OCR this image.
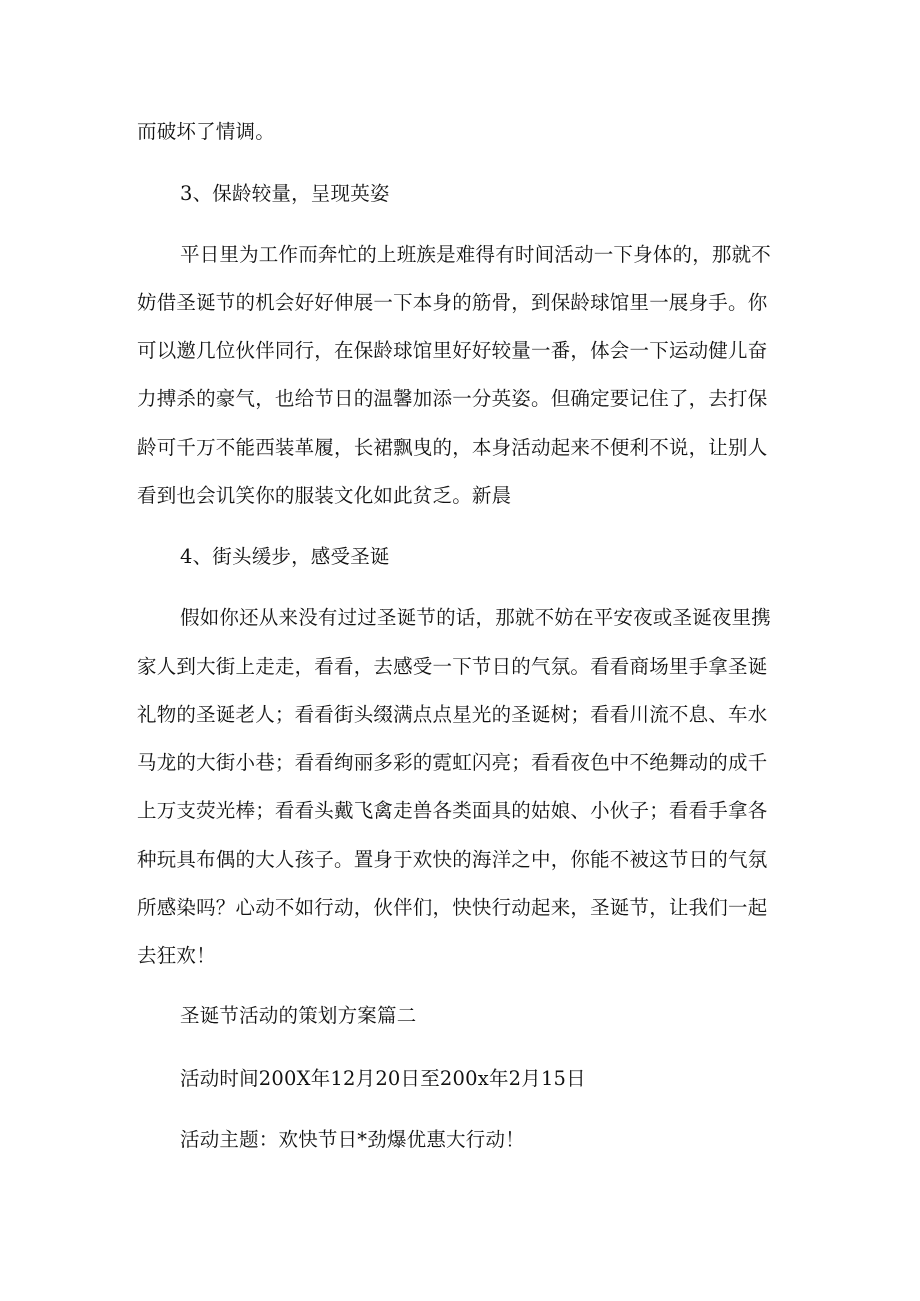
而破坏了情调。
3、保龄较量，呈现英姿
平日里为工作而奔忙的上班族是难得有时间活动一下身体的，那就不
妨借圣诞节的机会好好伸展一下本身的筋骨，到保龄球馆里一展身手。你
可以邀几位伙伴同行，在保龄球馆里好好较量一番，体会一下运动健儿奋
力搏杀的豪气，也给节日的温馨加添一分英姿。但确定要记住了，去打保
龄可千万不能西装革履，长裙飘曳的，本身活动起来不便利不说，让别人
看到也会讥笑你的服装文化如此贫乏。新晨
4、街头缓步，感受圣诞
假如你还从来没有过过圣诞节的话，那就不妨在平安夜或圣诞夜里携
家人到大街上走走，看看，去感受一下节日的气氛。看看商场里手拿圣诞
礼物的圣诞老人；看看街头缀满点点星光的圣诞树；看看川流不息、车水
马龙的大街小巷；看看绚丽多彩的霓虹闪亮；看看夜色中不绝舞动的成千
上万支荧光棒；看看头戴飞禽走兽各类面具的姑娘、小伙子；看看手拿各
种玩具布偶的大人孩子。置身于欢快的海洋之中，你能不被这节日的气氛
所感染吗？心动不如行动，伙伴们，快快行动起来，圣诞节，让我们一起
去狂欢！
圣诞节活动的策划方案篇二
活动时间200X年12月20日至200x年2月15日
活动主题：欢快节日*劲爆优惠大行动！
